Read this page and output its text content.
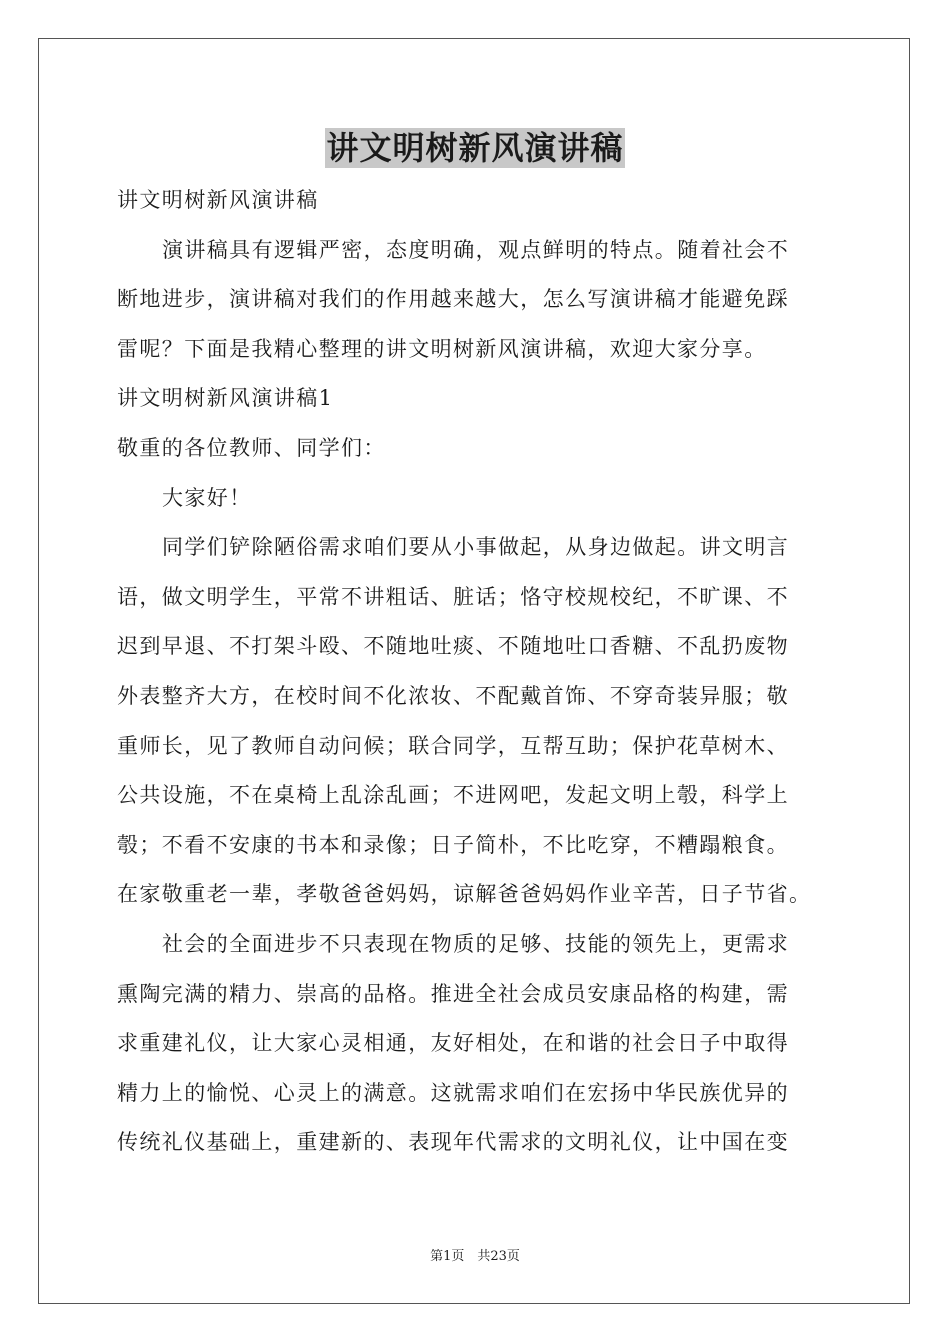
讲文明树新风演讲稿
讲文明树新风演讲稿
演讲稿具有逻辑严密，态度明确，观点鲜明的特点。随着社会不
断地进步，演讲稿对我们的作用越来越大，怎么写演讲稿才能避免踩
雷呢？下面是我精心整理的讲文明树新风演讲稿，欢迎大家分享。
讲文明树新风演讲稿1
敬重的各位教师、同学们：
大家好！
同学们铲除陋俗需求咱们要从小事做起，从身边做起。讲文明言
语，做文明学生，平常不讲粗话、脏话；恪守校规校纪，不旷课、不
迟到早退、不打架斗殴、不随地吐痰、不随地吐口香糖、不乱扔废物
外表整齐大方，在校时间不化浓妆、不配戴首饰、不穿奇装异服；敬
重师长，见了教师自动问候；联合同学，互帮互助；保护花草树木、
公共设施，不在桌椅上乱涂乱画；不进网吧，发起文明上彀，科学上
彀；不看不安康的书本和录像；日子简朴，不比吃穿，不糟蹋粮食。
在家敬重老一辈，孝敬爸爸妈妈，谅解爸爸妈妈作业辛苦，日子节省。
社会的全面进步不只表现在物质的足够、技能的领先上，更需求
熏陶完满的精力、崇高的品格。推进全社会成员安康品格的构建，需
求重建礼仪，让大家心灵相通，友好相处，在和谐的社会日子中取得
精力上的愉悦、心灵上的满意。这就需求咱们在宏扬中华民族优异的
传统礼仪基础上，重建新的、表现年代需求的文明礼仪，让中国在变
第1页　共23页
